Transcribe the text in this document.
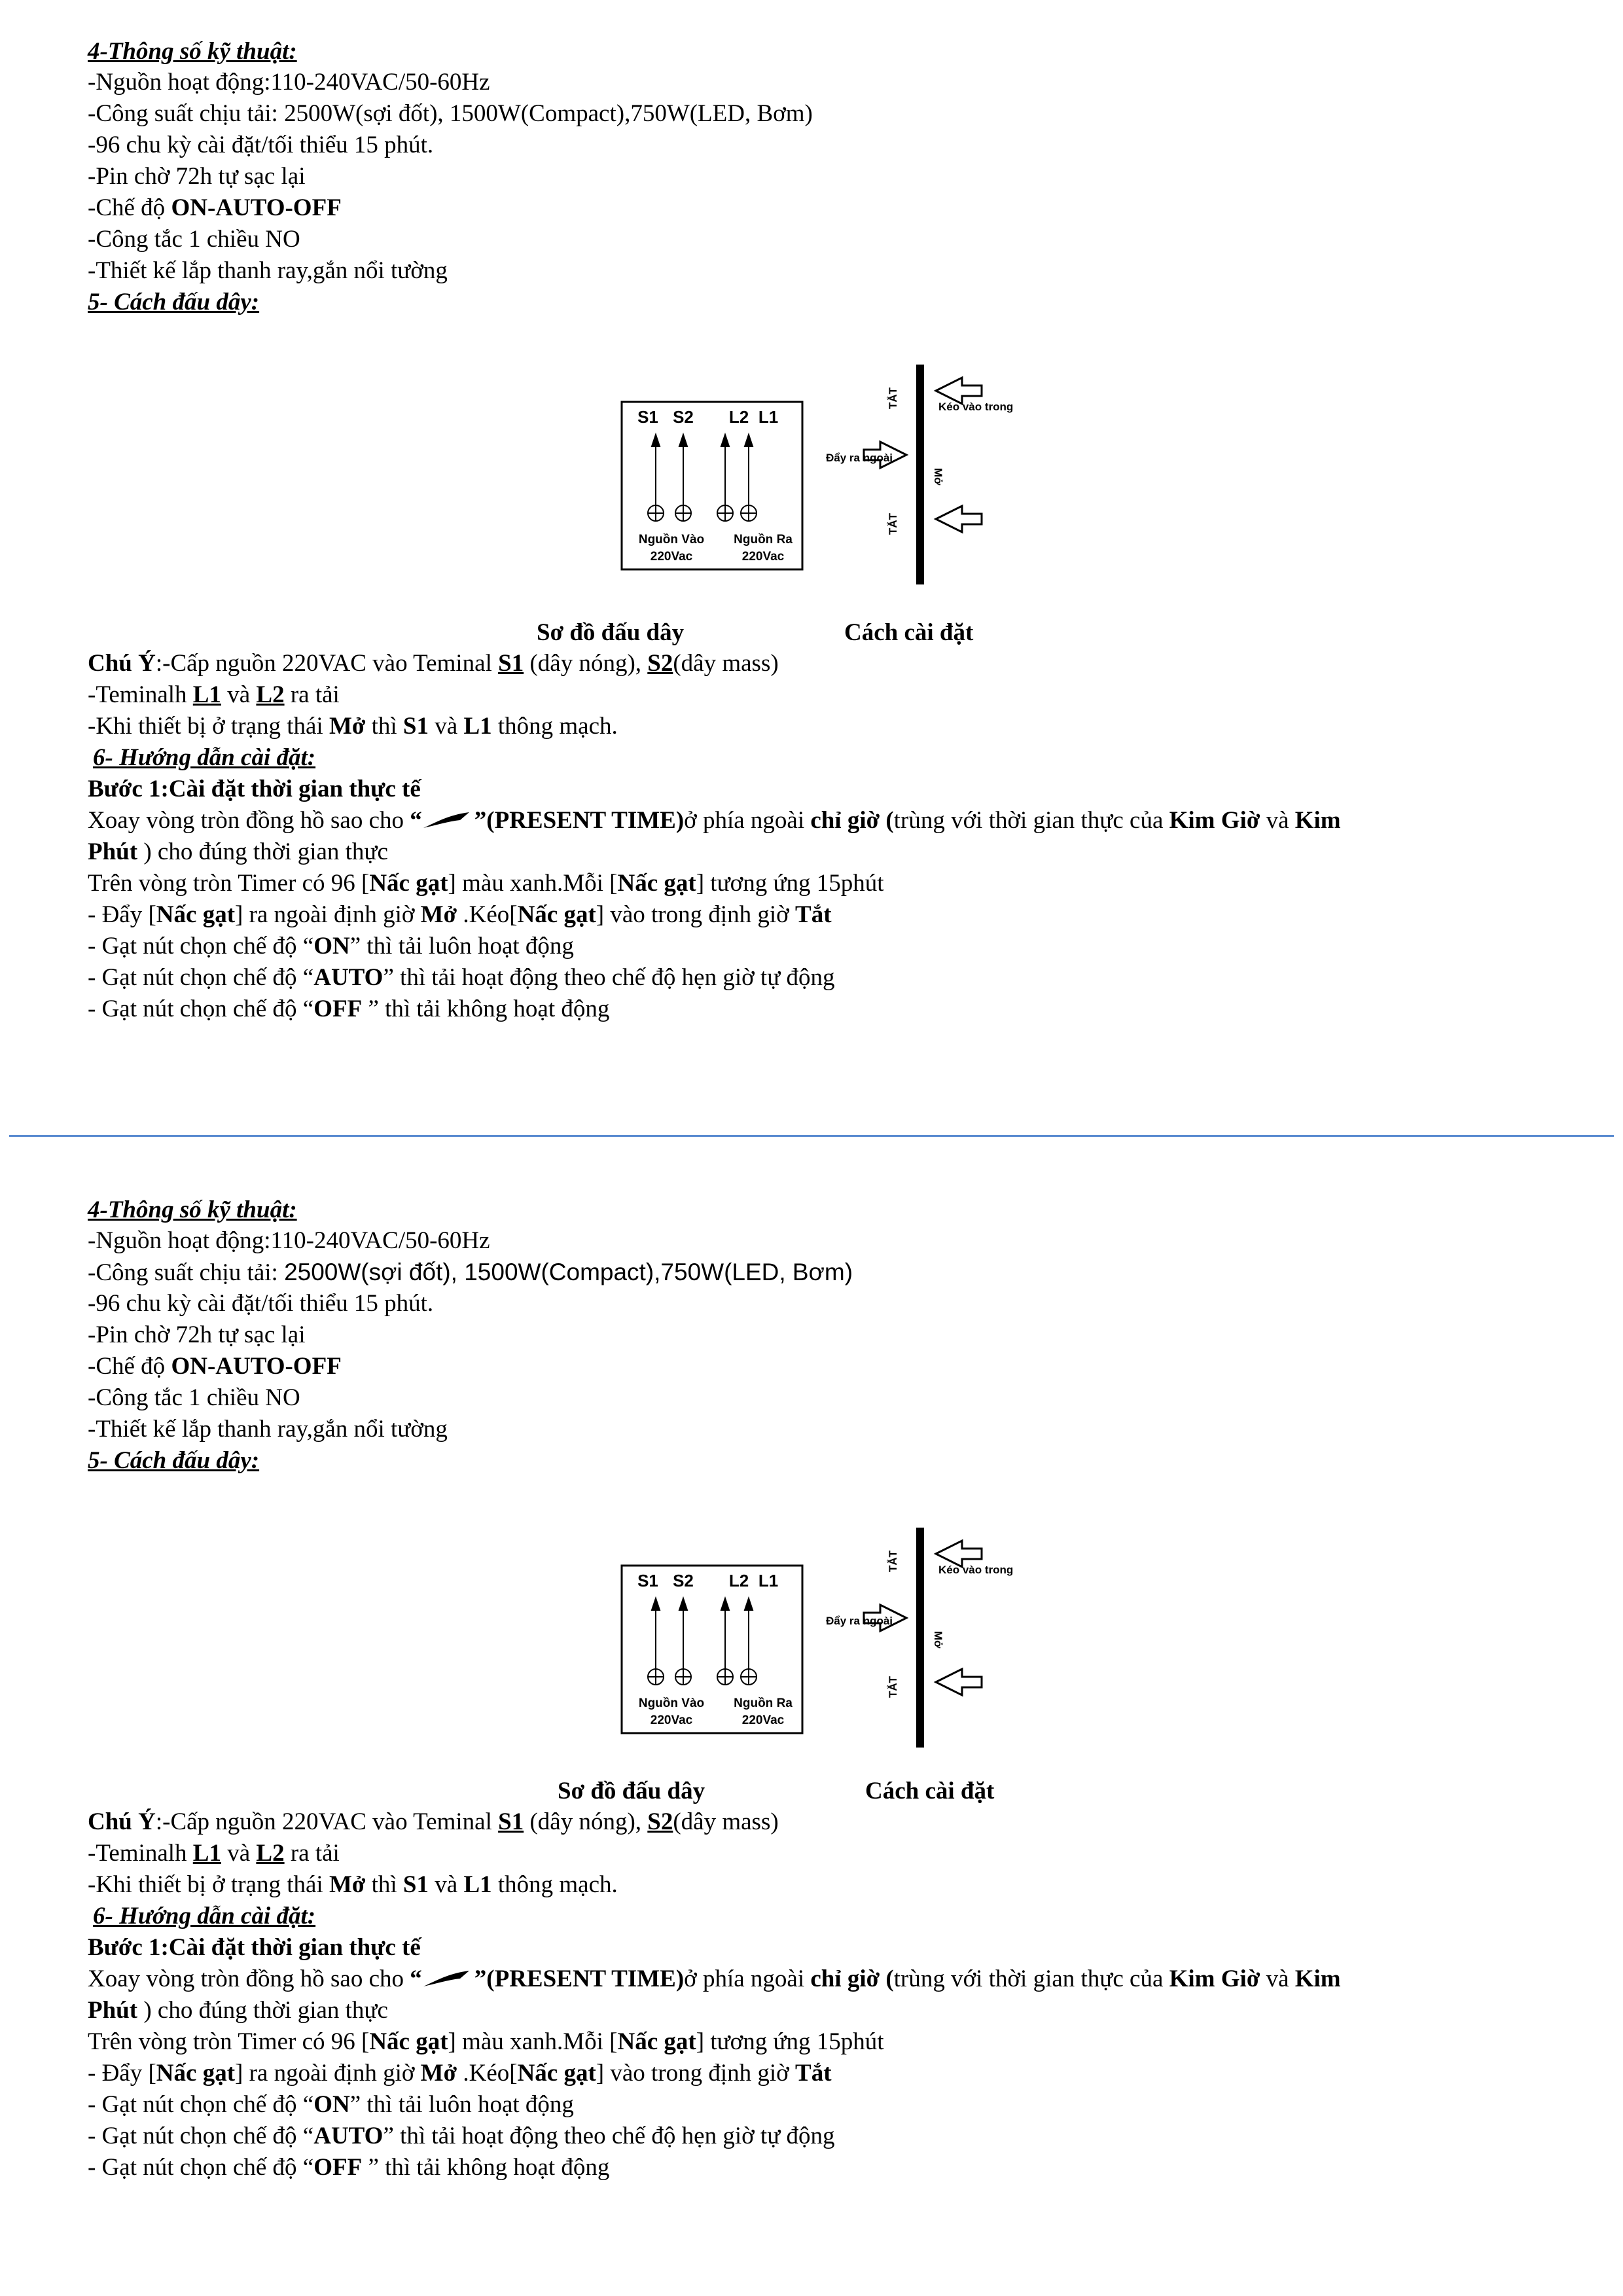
4-Thông số kỹ thuật:
-Nguồn hoạt động:110-240VAC/50-60Hz
-Công suất chịu tải: 2500W(sợi đốt), 1500W(Compact),750W(LED, Bơm)
-96 chu kỳ cài đặt/tối thiểu 15 phút.
-Pin chờ 72h tự sạc lại
-Chế độ ON-AUTO-OFF
-Công tắc 1 chiều NO
-Thiết kế lắp thanh ray,gắn nổi tường
5- Cách đấu dây:
S1 S2 L2 L1
Nguồn Vào
220Vac
Nguồn Ra
220Vac
TẮT	Kéo vào trong
Đẩy ra ngoài
Mở
TẮT
Sơ đồ đấu dây	Cách cài đặt
Chú Ý:-Cấp nguồn 220VAC vào Teminal S1 (dây nóng), S2(dây mass)
-Teminalh L1 và L2 ra tải
-Khi thiết bị ở trạng thái Mở thì S1 và L1 thông mạch.
6- Hướng dẫn cài đặt:
Bước 1:Cài đặt thời gian thực tế
Xoay vòng tròn đồng hồ sao cho “ ”(PRESENT TIME)ở phía ngoài chỉ giờ (trùng với thời gian thực của Kim Giờ và Kim
Phút ) cho đúng thời gian thực
Trên vòng tròn Timer có 96 [Nấc gạt] màu xanh.Mỗi [Nấc gạt] tương ứng 15phút
- Đẩy [Nấc gạt] ra ngoài định giờ Mở .Kéo[Nấc gạt] vào trong định giờ Tắt
- Gạt nút chọn chế độ “ON” thì tải luôn hoạt động
- Gạt nút chọn chế độ “AUTO” thì tải hoạt động theo chế độ hẹn giờ tự động
- Gạt nút chọn chế độ “OFF ” thì tải không hoạt động
4-Thông số kỹ thuật:
-Nguồn hoạt động:110-240VAC/50-60Hz
-Công suất chịu tải: 2500W(sợi đốt), 1500W(Compact),750W(LED, Bơm)
-96 chu kỳ cài đặt/tối thiểu 15 phút.
-Pin chờ 72h tự sạc lại
-Chế độ ON-AUTO-OFF
-Công tắc 1 chiều NO
-Thiết kế lắp thanh ray,gắn nổi tường
5- Cách đấu dây:
S1 S2 L2 L1
Nguồn Vào
220Vac
Nguồn Ra
220Vac
TẮT	Kéo vào trong
Đẩy ra ngoài
Mở
TẮT
Sơ đồ đấu dây	Cách cài đặt
Chú Ý:-Cấp nguồn 220VAC vào Teminal S1 (dây nóng), S2(dây mass)
-Teminalh L1 và L2 ra tải
-Khi thiết bị ở trạng thái Mở thì S1 và L1 thông mạch.
6- Hướng dẫn cài đặt:
Bước 1:Cài đặt thời gian thực tế
Xoay vòng tròn đồng hồ sao cho “ ”(PRESENT TIME)ở phía ngoài chỉ giờ (trùng với thời gian thực của Kim Giờ và Kim
Phút ) cho đúng thời gian thực
Trên vòng tròn Timer có 96 [Nấc gạt] màu xanh.Mỗi [Nấc gạt] tương ứng 15phút
- Đẩy [Nấc gạt] ra ngoài định giờ Mở .Kéo[Nấc gạt] vào trong định giờ Tắt
- Gạt nút chọn chế độ “ON” thì tải luôn hoạt động
- Gạt nút chọn chế độ “AUTO” thì tải hoạt động theo chế độ hẹn giờ tự động
- Gạt nút chọn chế độ “OFF ” thì tải không hoạt động
